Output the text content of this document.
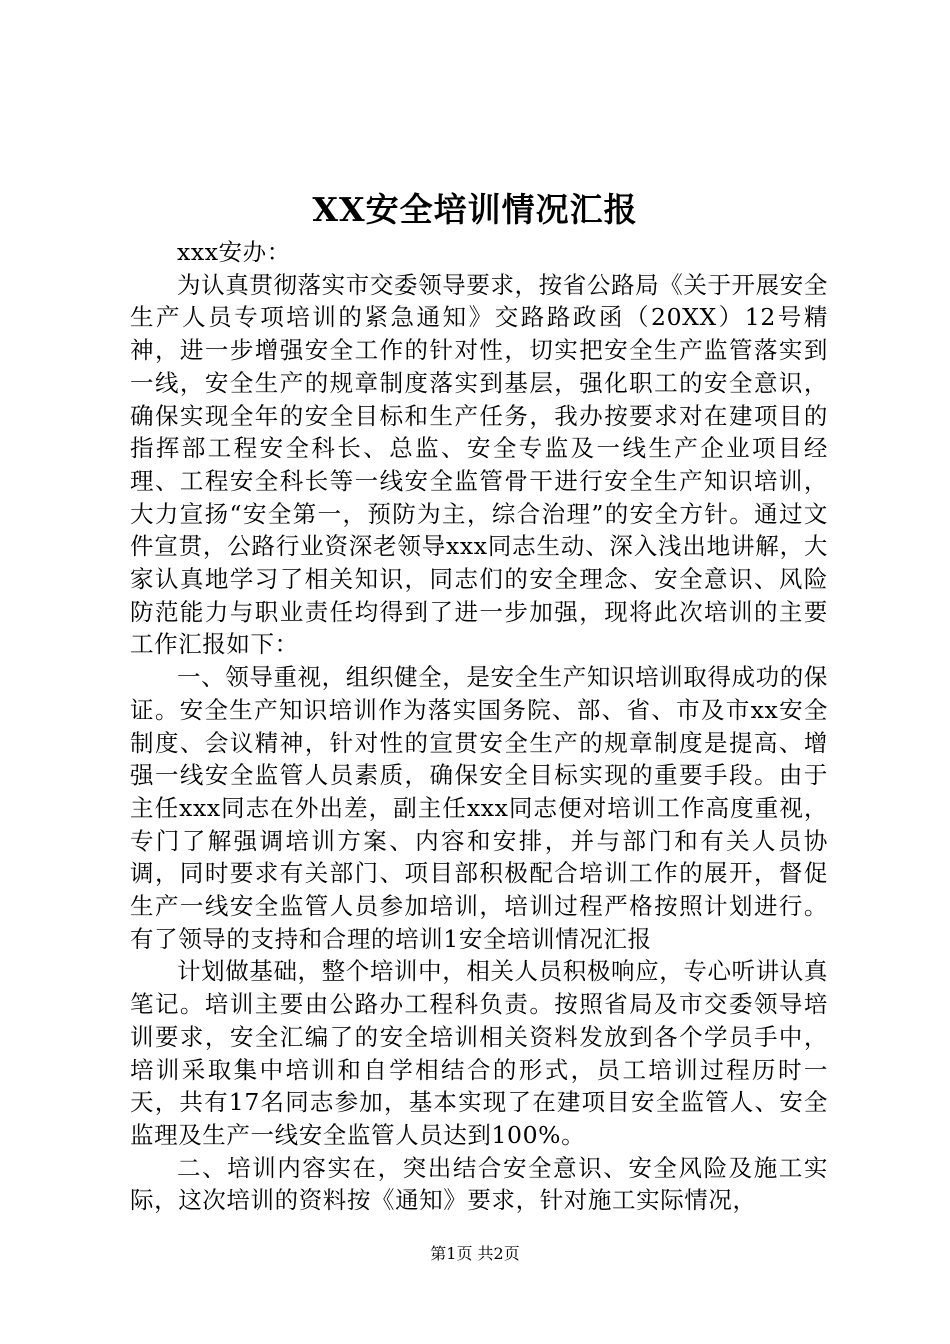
XX安全培训情况汇报

xxx安办：

为认真贯彻落实市交委领导要求，按省公路局《关于开展安全生产人员专项培训的紧急通知》交路路政函（20XX）12号精神，进一步增强安全工作的针对性，切实把安全生产监管落实到一线，安全生产的规章制度落实到基层，强化职工的安全意识，确保实现全年的安全目标和生产任务，我办按要求对在建项目的指挥部工程安全科长、总监、安全专监及一线生产企业项目经理、工程安全科长等一线安全监管骨干进行安全生产知识培训，大力宣扬“安全第一，预防为主，综合治理”的安全方针。通过文件宣贯，公路行业资深老领导xxx同志生动、深入浅出地讲解，大家认真地学习了相关知识，同志们的安全理念、安全意识、风险防范能力与职业责任均得到了进一步加强，现将此次培训的主要工作汇报如下：

一、领导重视，组织健全，是安全生产知识培训取得成功的保证。安全生产知识培训作为落实国务院、部、省、市及市xx安全制度、会议精神，针对性的宣贯安全生产的规章制度是提高、增强一线安全监管人员素质，确保安全目标实现的重要手段。由于主任xxx同志在外出差，副主任xxx同志便对培训工作高度重视，专门了解强调培训方案、内容和安排，并与部门和有关人员协调，同时要求有关部门、项目部积极配合培训工作的展开，督促生产一线安全监管人员参加培训，培训过程严格按照计划进行。有了领导的支持和合理的培训1安全培训情况汇报

计划做基础，整个培训中，相关人员积极响应，专心听讲认真笔记。培训主要由公路办工程科负责。按照省局及市交委领导培训要求，安全汇编了的安全培训相关资料发放到各个学员手中，培训采取集中培训和自学相结合的形式，员工培训过程历时一天，共有17名同志参加，基本实现了在建项目安全监管人、安全监理及生产一线安全监管人员达到100%。

二、培训内容实在，突出结合安全意识、安全风险及施工实际，这次培训的资料按《通知》要求，针对施工实际情况，

第1页 共2页
